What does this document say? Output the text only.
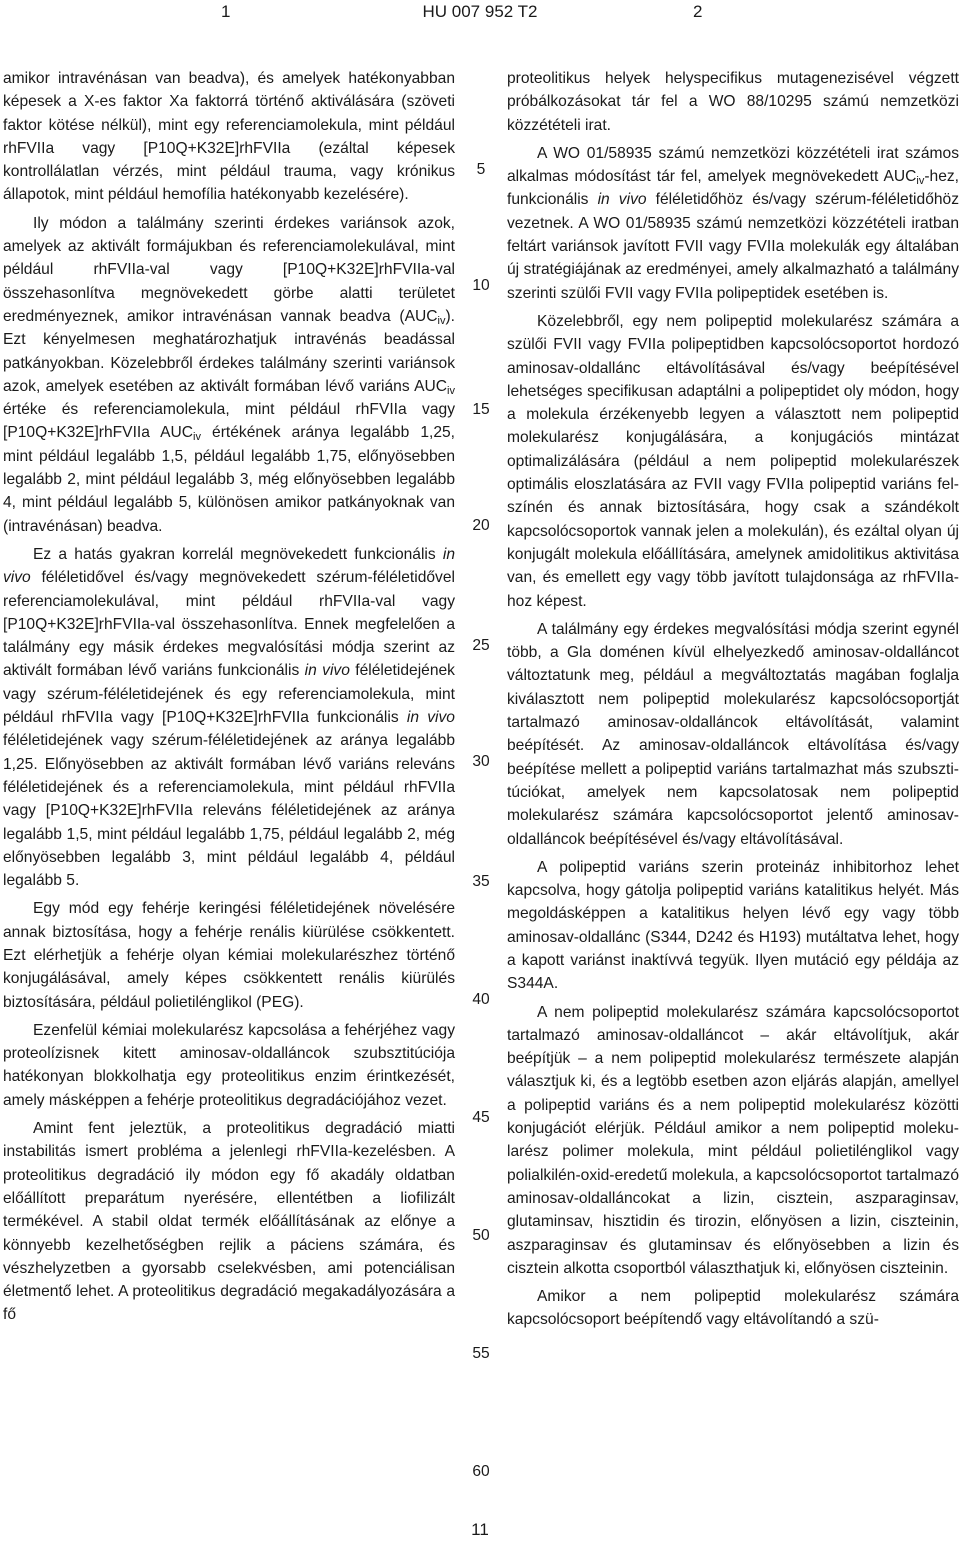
1	HU 007 952 T2	2

amikor intravénásan van beadva), és amelyek hatékonyabban képesek a X-es faktor Xa faktorrá történő aktiválására (szöveti faktor kötése nélkül), mint egy referenciamolekula, mint például rhFVIIa vagy [P10Q+K32E]rhFVIIa (ezáltal képesek kontrollálatlan vérzés, mint például trauma, vagy krónikus állapotok, mint például hemofília hatékonyabb kezelésére).

Ily módon a találmány szerinti érdekes variánsok azok, amelyek az aktivált formájukban és referenciamolekulával, mint például rhFVIIa-val vagy [P10Q+K32E]rhFVIIa-val összehasonlítva megnövekedett görbe alatti területet eredményeznek, amikor intravénásan vannak beadva $(AUC_{iv})$. Ezt kényelmesen meghatározhatjuk intravénás beadással patkányokban. Közelebbről érdekes találmány szerinti variánsok azok, amelyek esetében az aktivált formában lévő variáns $AUC_{iv}$ értéke és referenciamolekula, mint például rhFVIIa vagy [P10Q+K32E]rhFVIIa $AUC_{iv}$ értékének aránya legalább 1,25, mint például legalább 1,5, például legalább 1,75, előnyösebben legalább 2, mint például legalább 3, még előnyösebben legalább 4, mint például legalább 5, különösen amikor patkányoknak van (intravénásan) beadva.

Ez a hatás gyakran korrelál megnövekedett funkcionális in vivo féléletidővel és/vagy megnövekedett szérum-féléletidővel referenciamolekulával, mint például rhFVIIa-val vagy [P10Q+K32E]rhFVIIa-val összehasonlítva. Ennek megfelelően a találmány egy másik érdekes megvalósítási módja szerint az aktivált formában lévő variáns funkcionális in vivo féléletidejének vagy szérum-féléletidejének és egy referenciamolekula, mint például rhFVIIa vagy [P10Q+K32E]rhFVIIa funkcionális in vivo féléletidejének vagy szérum-féléletidejének az aránya legalább 1,25. Előnyösebben az aktivált formában lévő variáns releváns féléletidejének és a referenciamolekula, mint például rhFVIIa vagy [P10Q+K32E]rhFVIIa releváns féléletidejének az aránya legalább 1,5, mint például legalább 1,75, például legalább 2, még előnyösebben legalább 3, mint például legalább 4, például legalább 5.

Egy mód egy fehérje keringési féléletidejének növelésére annak biztosítása, hogy a fehérje renális kiürülése csökkentett. Ezt elérhetjük a fehérje olyan kémiai molekularészhez történő konjugálásával, amely képes csökkentett renális kiürülés biztosítására, például polietilénglikol (PEG).

Ezenfelül kémiai molekularész kapcsolása a fehérjéhez vagy proteolízisnek kitett aminosav-oldalláncok szubsztitúciója hatékonyan blokkolhatja egy proteolitikus enzim érintkezését, amely másképpen a fehérje proteolitikus degradációjához vezet.

Amint fent jeleztük, a proteolitikus degradáció miatti instabilitás ismert probléma a jelenlegi rhFVIIa-kezelésben. A proteolitikus degradáció ily módon egy fő akadály oldatban előállított preparátum nyerésére, ellentétben a liofilizált termékével. A stabil oldat termék előállításának az előnye a könnyebb kezelhetőségben rejlik a páciens számára, és vészhelyzetben a gyorsabb cselekvésben, ami potenciálisan életmentő lehet. A proteolitikus degradáció megakadályozására a fő

5
10
15
20
25
30
35
40
45
50
55
60

proteolitikus helyek helyspecifikus mutagenezisével végzett próbálkozásokat tár fel a WO 88/10295 számú nemzetközi közzétételi irat.

A WO 01/58935 számú nemzetközi közzétételi irat számos alkalmas módosítást tár fel, amelyek megnövekedett $AUC_{iv}$-hez, funkcionális in vivo féléletidőhöz és/vagy szérum-féléletidőhöz vezetnek. A WO 01/58935 számú nemzetközi közzétételi iratban feltárt variánsok javított FVII vagy FVIIa molekulák egy általában új stratégiájának az eredményei, amely alkalmazható a találmány szerinti szülői FVII vagy FVIIa polipeptidek esetében is.

Közelebbről, egy nem polipeptid molekularész számára a szülői FVII vagy FVIIa polipeptidben kapcsolócsoportot hordozó aminosav-oldallánc eltávolításával és/vagy beépítésével lehetséges specifikusan adaptálni a polipeptidet oly módon, hogy a molekula érzékenyebb legyen a választott nem polipeptid molekularész konjugálására, a konjugációs mintázat optimalizálására (például a nem polipeptid molekularészek optimális eloszlatására az FVII vagy FVIIa polipeptid variáns felszínén és annak biztosítására, hogy csak a szándékolt kapcsolócsoportok vannak jelen a molekulán), és ezáltal olyan új konjugált molekula előállítására, amelynek amidolitikus aktivitása van, és emellett egy vagy több javított tulajdonsága az rhFVIIa-hoz képest.

A találmány egy érdekes megvalósítási módja szerint egynél több, a Gla doménen kívül elhelyezkedő aminosav-oldalláncot változtatunk meg, például a megváltoztatás magában foglalja kiválasztott nem polipeptid molekularész kapcsolócsoportját tartalmazó aminosav-oldalláncok eltávolítását, valamint beépítését. Az aminosav-oldalláncok eltávolítása és/vagy beépítése mellett a polipeptid variáns tartalmazhat más szubsztitúciókat, amelyek nem kapcsolatosak nem polipeptid molekularész számára kapcsolócsoportot jelentő aminosav-oldalláncok beépítésével és/vagy eltávolításával.

A polipeptid variáns szerin proteináz inhibitorhoz lehet kapcsolva, hogy gátolja polipeptid variáns katalitikus helyét. Más megoldásképpen a katalitikus helyen lévő egy vagy több aminosav-oldallánc (S344, D242 és H193) mutáltatva lehet, hogy a kapott variánst inaktívvá tegyük. Ilyen mutáció egy példája az S344A.

A nem polipeptid molekularész számára kapcsolócsoportot tartalmazó aminosav-oldalláncot – akár eltávolítjuk, akár beépítjük – a nem polipeptid molekularész természete alapján választjuk ki, és a legtöbb esetben azon eljárás alapján, amellyel a polipeptid variáns és a nem polipeptid molekularész közötti konjugációt elérjük. Például amikor a nem polipeptid molekularész polimer molekula, mint például polietilénglikol vagy polialkilén-oxid-eredetű molekula, a kapcsolócsoportot tartalmazó aminosav-oldalláncokat a lizin, cisztein, aszparaginsav, glutaminsav, hisztidin és tirozin, előnyösen a lizin, ciszteinin, aszparaginsav és glutaminsav és előnyösebben a lizin és cisztein alkotta csoportból választhatjuk ki, előnyösen ciszteinin.

Amikor a nem polipeptid molekularész számára kapcsolócsoport beépítendő vagy eltávolítandó a szü-

11
